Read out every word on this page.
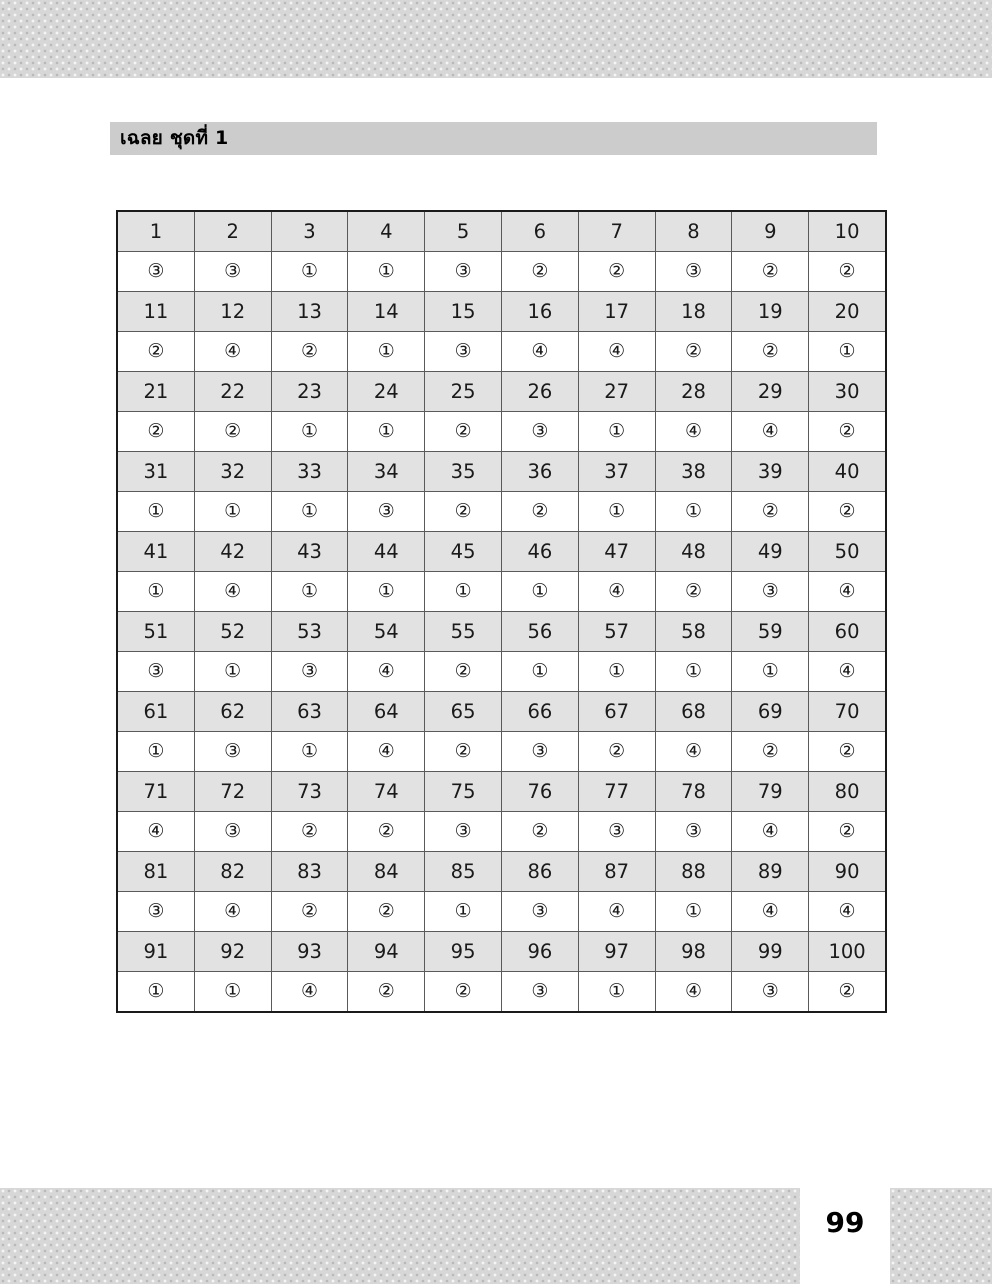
เฉลย ชุดที่ 1
1	2	3	4	5	6	7	8	9	10
③	③	①	①	③	②	②	③	②	②
11	12	13	14	15	16	17	18	19	20
②	④	②	①	③	④	④	②	②	①
21	22	23	24	25	26	27	28	29	30
②	②	①	①	②	③	①	④	④	②
31	32	33	34	35	36	37	38	39	40
①	①	①	③	②	②	①	①	②	②
41	42	43	44	45	46	47	48	49	50
①	④	①	①	①	①	④	②	③	④
51	52	53	54	55	56	57	58	59	60
③	①	③	④	②	①	①	①	①	④
61	62	63	64	65	66	67	68	69	70
①	③	①	④	②	③	②	④	②	②
71	72	73	74	75	76	77	78	79	80
④	③	②	②	③	②	③	③	④	②
81	82	83	84	85	86	87	88	89	90
③	④	②	②	①	③	④	①	④	④
91	92	93	94	95	96	97	98	99	100
①	①	④	②	②	③	①	④	③	②
99
